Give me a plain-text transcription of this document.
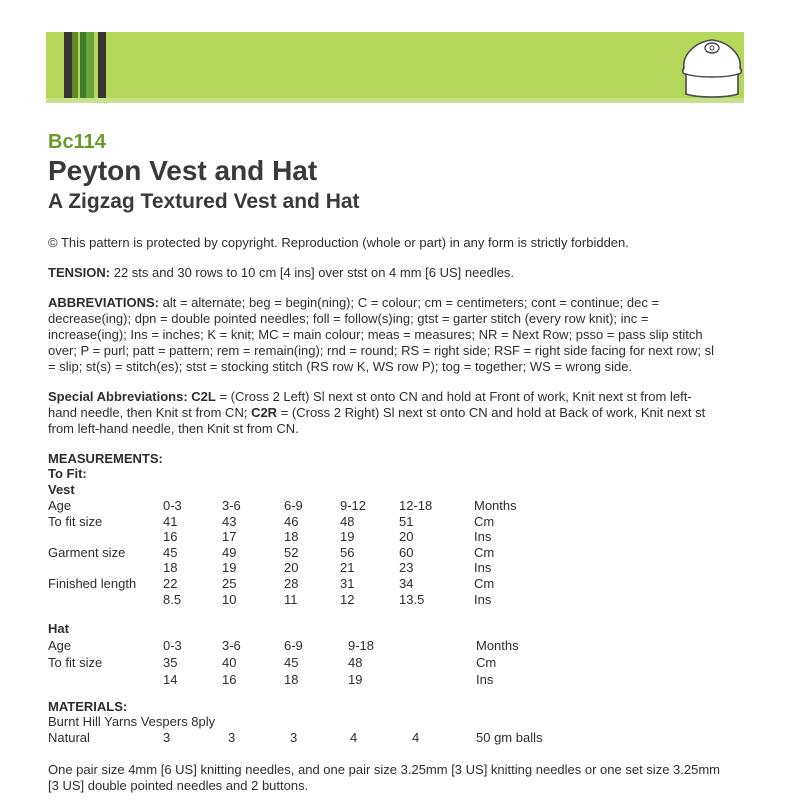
Bc114
Peyton Vest and Hat
A Zigzag Textured Vest and Hat
© This pattern is protected by copyright. Reproduction (whole or part) in any form is strictly forbidden.
TENSION: 22 sts and 30 rows to 10 cm [4 ins] over stst on 4 mm [6 US] needles.
ABBREVIATIONS: alt = alternate; beg = begin(ning); C = colour; cm = centimeters; cont = continue; dec =
decrease(ing); dpn = double pointed needles; foll = follow(s)ing; gtst = garter stitch (every row knit); inc =
increase(ing); Ins = inches; K = knit; MC = main colour; meas = measures; NR = Next Row; psso = pass slip stitch
over; P = purl; patt = pattern; rem = remain(ing); rnd = round; RS = right side; RSF = right side facing for next row; sl
= slip; st(s) = stitch(es); stst = stocking stitch (RS row K, WS row P); tog = together; WS = wrong side.
Special Abbreviations: C2L = (Cross 2 Left) Sl next st onto CN and hold at Front of work, Knit next st from left-
hand needle, then Knit st from CN; C2R = (Cross 2 Right) Sl next st onto CN and hold at Back of work, Knit next st
from left-hand needle, then Knit st from CN.
MEASUREMENTS:
To Fit:
Vest
Age	0-3	3-6	6-9	9-12	12-18	Months
To fit size	41	43	46	48	51	Cm
16	17	18	19	20	Ins
Garment size	45	49	52	56	60	Cm
18	19	20	21	23	Ins
Finished length 22	25	28	31	34	Cm
8.5	10	11	12	13.5	Ins
Hat
Age	0-3	3-6	6-9	9-18	Months
To fit size	35	40	45	48	Cm
14	16	18	19	Ins
MATERIALS:
Burnt Hill Yarns Vespers 8ply
Natural	3	3	3	4	4	50 gm balls
One pair size 4mm [6 US] knitting needles, and one pair size 3.25mm [3 US] knitting needles or one set size 3.25mm
[3 US] double pointed needles and 2 buttons.
